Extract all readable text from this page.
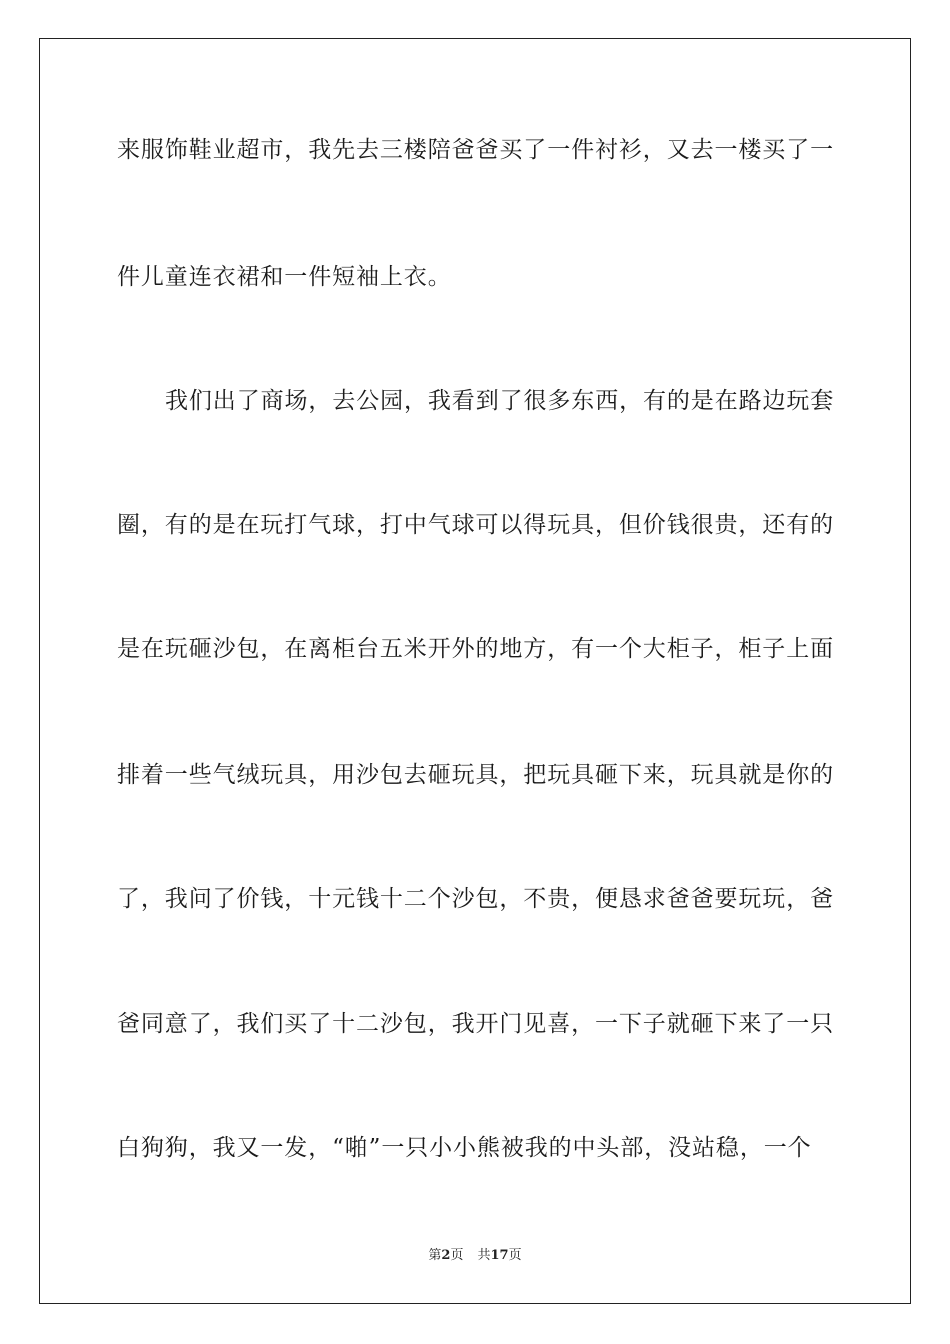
来服饰鞋业超市，我先去三楼陪爸爸买了一件衬衫，又去一楼买了一
件儿童连衣裙和一件短袖上衣。
我们出了商场，去公园，我看到了很多东西，有的是在路边玩套
圈，有的是在玩打气球，打中气球可以得玩具，但价钱很贵，还有的
是在玩砸沙包，在离柜台五米开外的地方，有一个大柜子，柜子上面
排着一些气绒玩具，用沙包去砸玩具，把玩具砸下来，玩具就是你的
了，我问了价钱，十元钱十二个沙包，不贵，便恳求爸爸要玩玩，爸
爸同意了，我们买了十二沙包，我开门见喜，一下子就砸下来了一只
白狗狗，我又一发，“啪”一只小小熊被我的中头部，没站稳，一个
第2页 共17页
